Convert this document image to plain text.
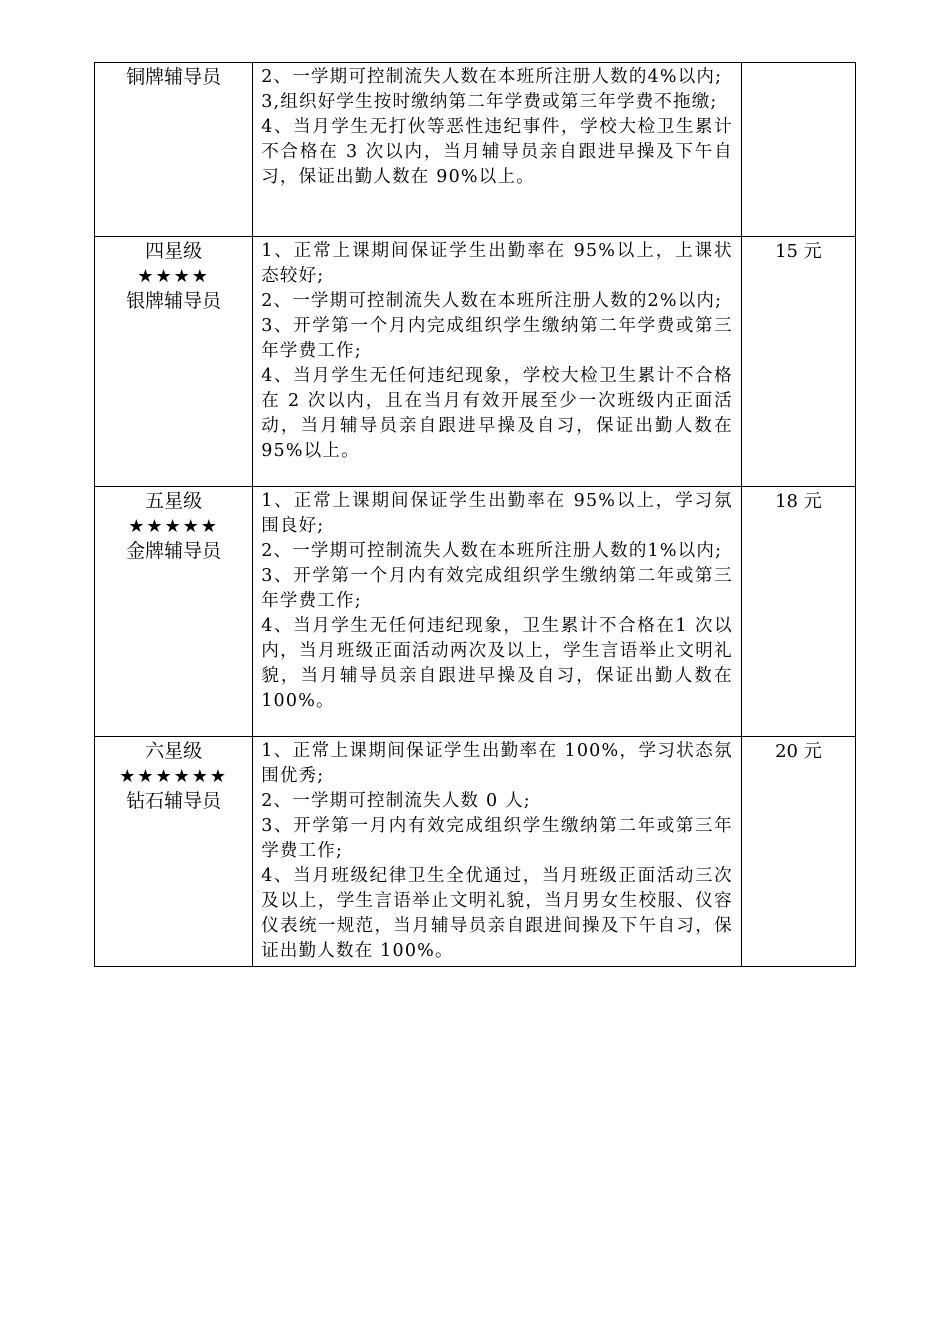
铜牌辅导员	2、一学期可控制流失人数在本班所注册人数的4%以内;
3,组织好学生按时缴纳第二年学费或第三年学费不拖缴;
4、当月学生无打伙等恶性违纪事件，学校大检卫生累计不合格在 3 次以内，当月辅导员亲自跟进早操及下午自习，保证出勤人数在 90%以上。	

四星级
★★★★
银牌辅导员	1、正常上课期间保证学生出勤率在 95%以上，上课状态较好;
2、一学期可控制流失人数在本班所注册人数的2%以内;
3、开学第一个月内完成组织学生缴纳第二年学费或第三年学费工作;
4、当月学生无任何违纪现象，学校大检卫生累计不合格在 2 次以内，且在当月有效开展至少一次班级内正面活动，当月辅导员亲自跟进早操及自习，保证出勤人数在 95%以上。	15 元

五星级
★★★★★
金牌辅导员	1、正常上课期间保证学生出勤率在 95%以上，学习氛围良好;
2、一学期可控制流失人数在本班所注册人数的1%以内;
3、开学第一个月内有效完成组织学生缴纳第二年或第三年学费工作;
4、当月学生无任何违纪现象，卫生累计不合格在1 次以内，当月班级正面活动两次及以上，学生言语举止文明礼貌，当月辅导员亲自跟进早操及自习，保证出勤人数在 100%。	18 元

六星级
★★★★★★
钻石辅导员	1、正常上课期间保证学生出勤率在 100%，学习状态氛围优秀;
2、一学期可控制流失人数 0 人;
3、开学第一月内有效完成组织学生缴纳第二年或第三年学费工作;
4、当月班级纪律卫生全优通过，当月班级正面活动三次及以上，学生言语举止文明礼貌，当月男女生校服、仪容仪表统一规范，当月辅导员亲自跟进间操及下午自习，保证出勤人数在 100%。	20 元
